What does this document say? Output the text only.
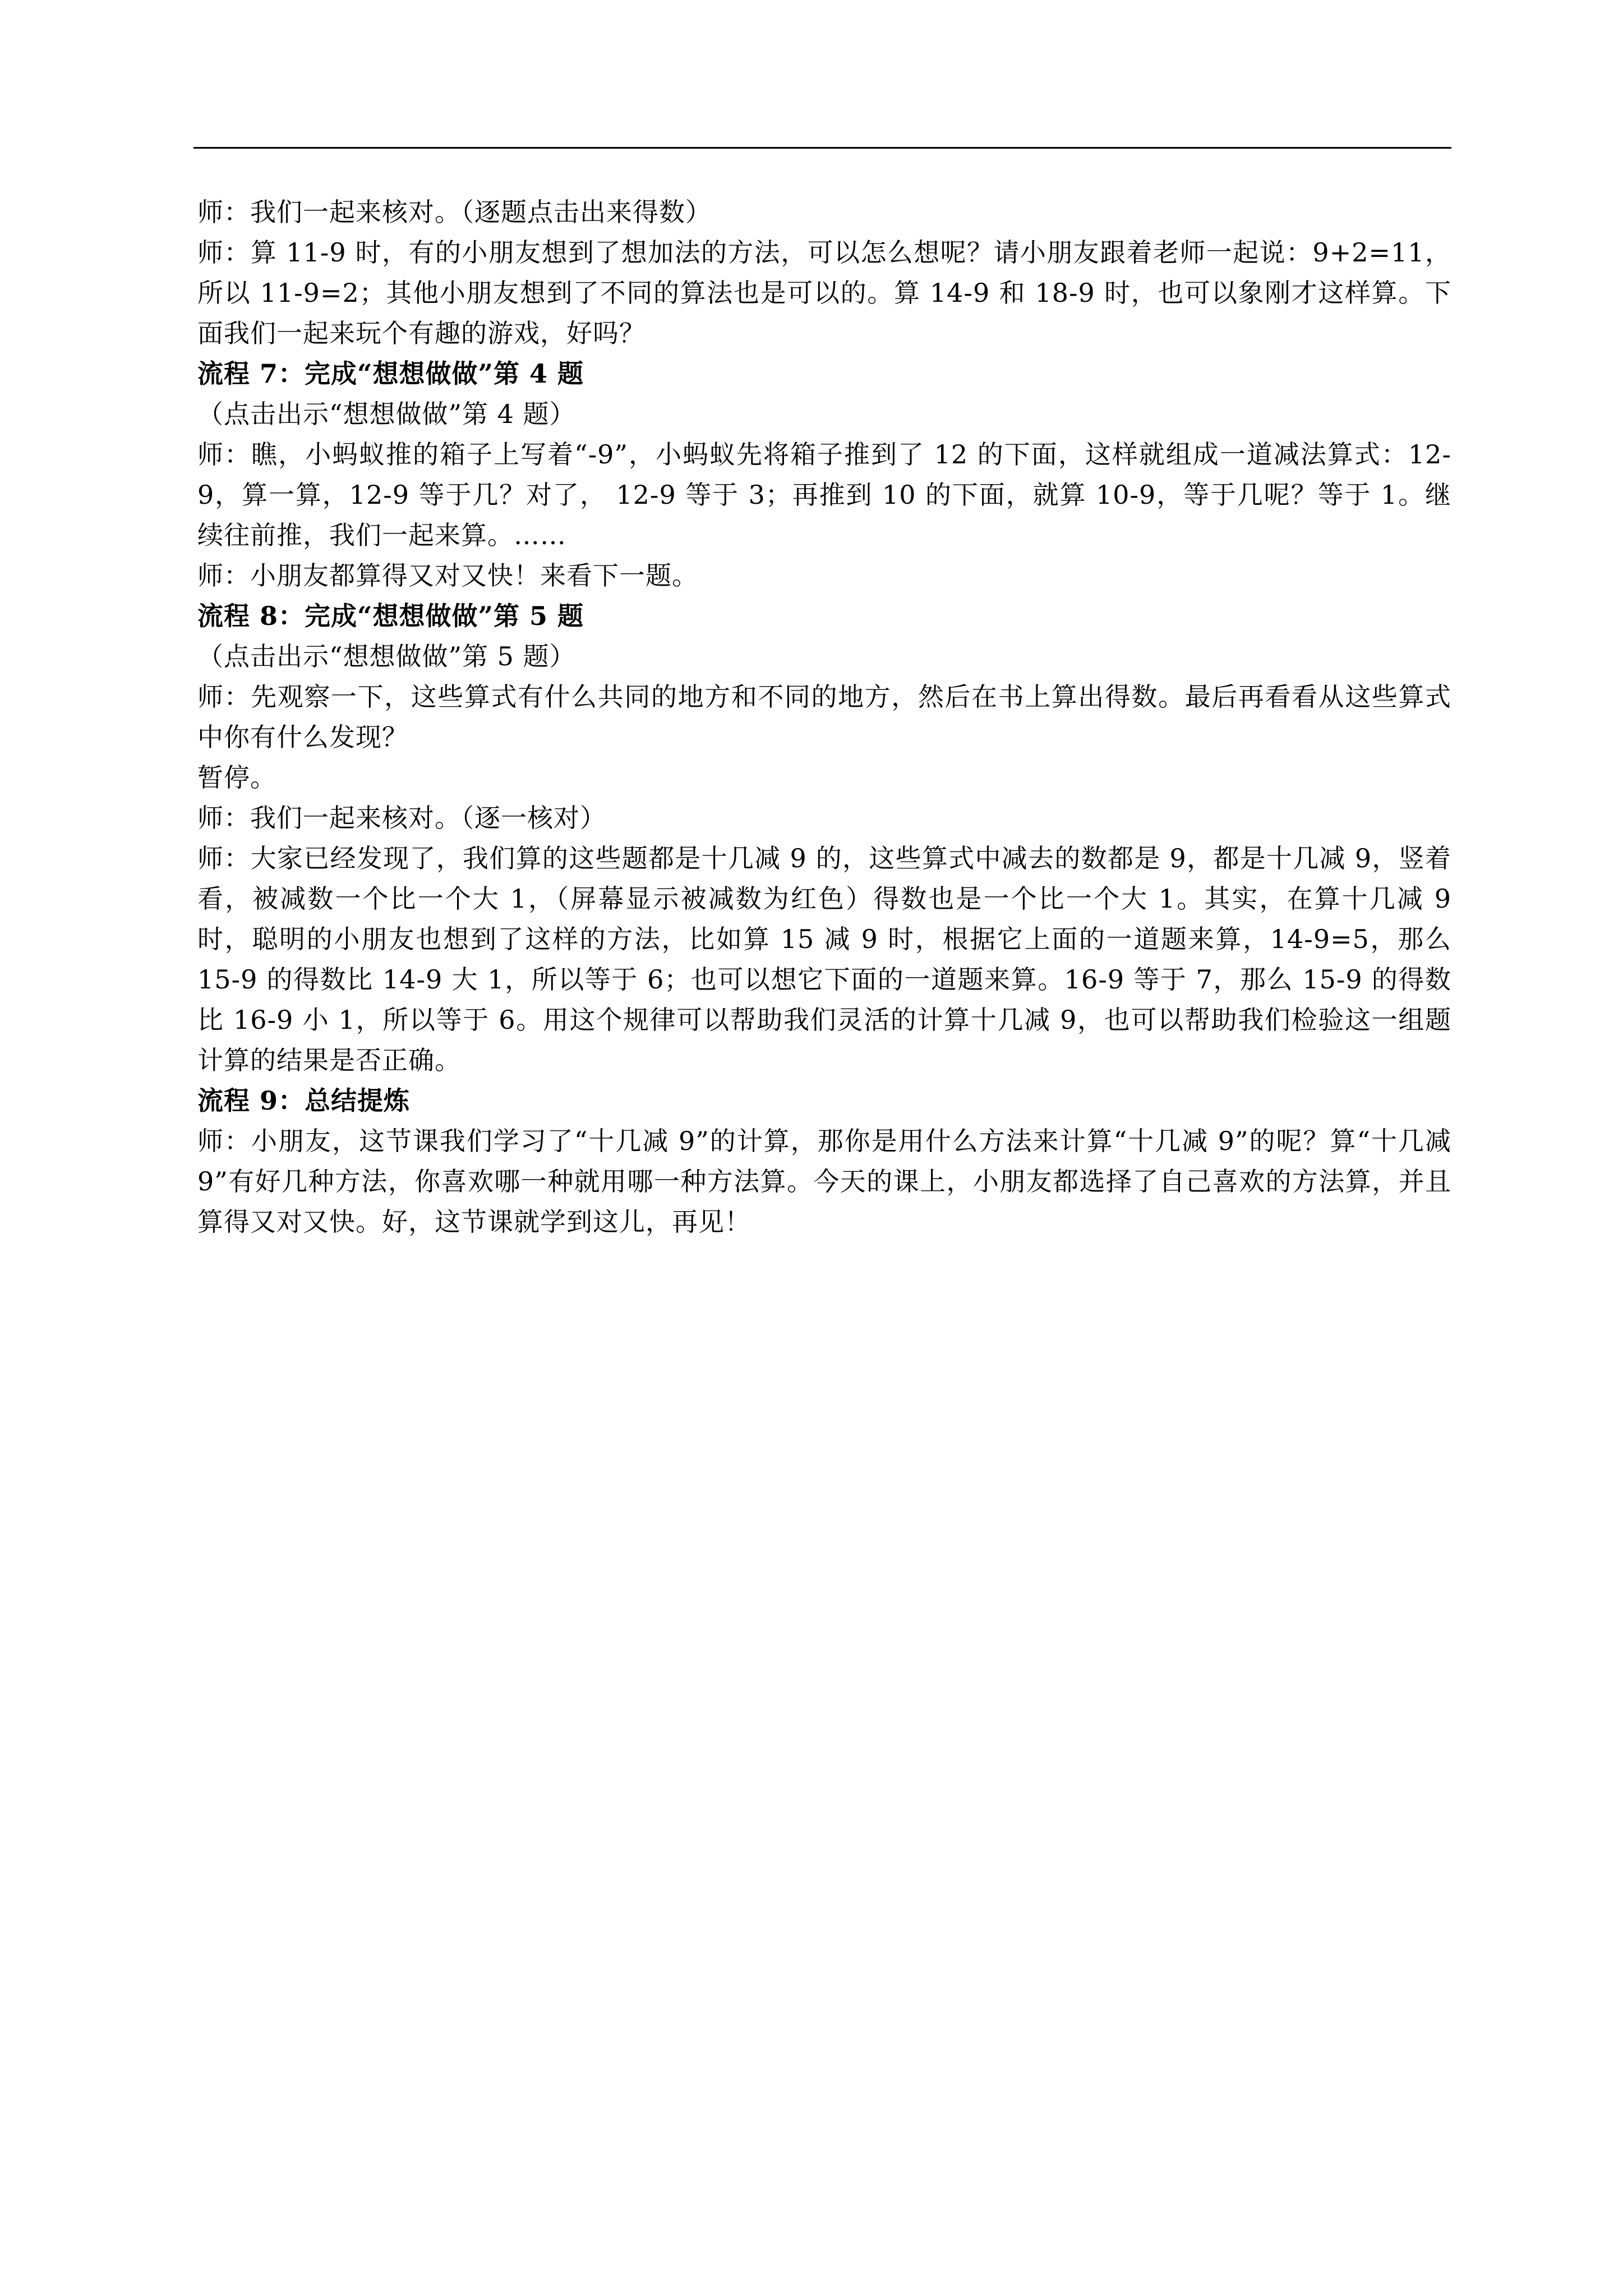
师：我们一起来核对。（逐题点击出来得数）

师：算 11-9 时，有的小朋友想到了想加法的方法，可以怎么想呢？请小朋友跟着老师一起说：9+2=11，所以 11-9=2；其他小朋友想到了不同的算法也是可以的。算 14-9 和 18-9 时，也可以象刚才这样算。下面我们一起来玩个有趣的游戏，好吗？

流程 7：完成“想想做做”第 4 题

（点击出示“想想做做”第 4 题）

师：瞧，小蚂蚁推的箱子上写着“-9”，小蚂蚁先将箱子推到了 12 的下面，这样就组成一道减法算式：12-9，算一算，12-9 等于几？对了， 12-9 等于 3；再推到 10 的下面，就算 10-9，等于几呢？等于 1。继续往前推，我们一起来算。……

师：小朋友都算得又对又快！来看下一题。

流程 8：完成“想想做做”第 5 题

（点击出示“想想做做”第 5 题）

师：先观察一下，这些算式有什么共同的地方和不同的地方，然后在书上算出得数。最后再看看从这些算式中你有什么发现？

暂停。

师：我们一起来核对。（逐一核对）

师：大家已经发现了，我们算的这些题都是十几减 9 的，这些算式中减去的数都是 9，都是十几减 9，竖着看，被减数一个比一个大 1，（屏幕显示被减数为红色）得数也是一个比一个大 1。其实，在算十几减 9 时，聪明的小朋友也想到了这样的方法，比如算 15 减 9 时，根据它上面的一道题来算，14-9=5，那么 15-9 的得数比 14-9 大 1，所以等于 6；也可以想它下面的一道题来算。16-9 等于 7，那么 15-9 的得数比 16-9 小 1，所以等于 6。用这个规律可以帮助我们灵活的计算十几减 9，也可以帮助我们检验这一组题计算的结果是否正确。

流程 9：总结提炼

师：小朋友，这节课我们学习了“十几减 9”的计算，那你是用什么方法来计算“十几减 9”的呢？算“十几减 9”有好几种方法，你喜欢哪一种就用哪一种方法算。今天的课上，小朋友都选择了自己喜欢的方法算，并且算得又对又快。好，这节课就学到这儿，再见！
